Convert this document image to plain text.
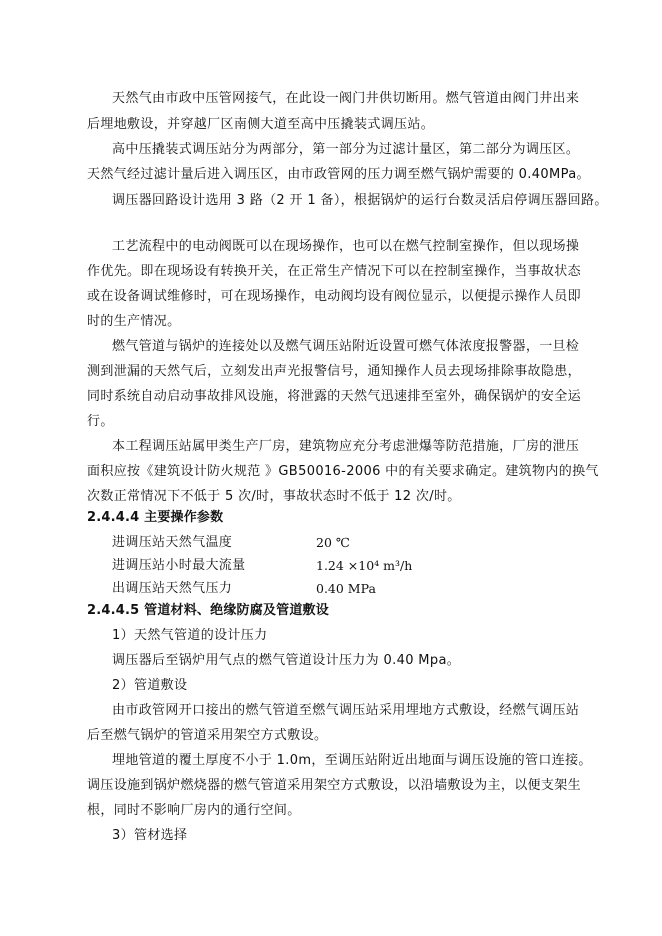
天然气由市政中压管网接气，在此设一阀门井供切断用。燃气管道由阀门井出来
后埋地敷设，并穿越厂区南侧大道至高中压撬装式调压站。
高中压撬装式调压站分为两部分，第一部分为过滤计量区，第二部分为调压区。
天然气经过滤计量后进入调压区，由市政管网的压力调至燃气锅炉需要的 0.40MPa。
调压器回路设计选用 3 路（2 开 1 备），根据锅炉的运行台数灵活启停调压器回路。
工艺流程中的电动阀既可以在现场操作，也可以在燃气控制室操作，但以现场操
作优先。即在现场设有转换开关，在正常生产情况下可以在控制室操作，当事故状态
或在设备调试维修时，可在现场操作，电动阀均设有阀位显示，以便提示操作人员即
时的生产情况。
燃气管道与锅炉的连接处以及燃气调压站附近设置可燃气体浓度报警器，一旦检
测到泄漏的天然气后，立刻发出声光报警信号，通知操作人员去现场排除事故隐患，
同时系统自动启动事故排风设施，将泄露的天然气迅速排至室外，确保锅炉的安全运
行。
本工程调压站属甲类生产厂房，建筑物应充分考虑泄爆等防范措施，厂房的泄压
面积应按《建筑设计防火规范 》GB50016-2006 中的有关要求确定。建筑物内的换气
次数正常情况下不低于 5 次/时，事故状态时不低于 12 次/时。
2.4.4.4 主要操作参数
进调压站天然气温度	20 ℃
进调压站小时最大流量	1.24 ×10⁴ m³/h
出调压站天然气压力	0.40 MPa
2.4.4.5 管道材料、绝缘防腐及管道敷设
1）天然气管道的设计压力
调压器后至锅炉用气点的燃气管道设计压力为 0.40 Mpa。
2）管道敷设
由市政管网开口接出的燃气管道至燃气调压站采用埋地方式敷设，经燃气调压站
后至燃气锅炉的管道采用架空方式敷设。
埋地管道的覆土厚度不小于 1.0m，至调压站附近出地面与调压设施的管口连接。
调压设施到锅炉燃烧器的燃气管道采用架空方式敷设，以沿墙敷设为主，以便支架生
根，同时不影响厂房内的通行空间。
3）管材选择
